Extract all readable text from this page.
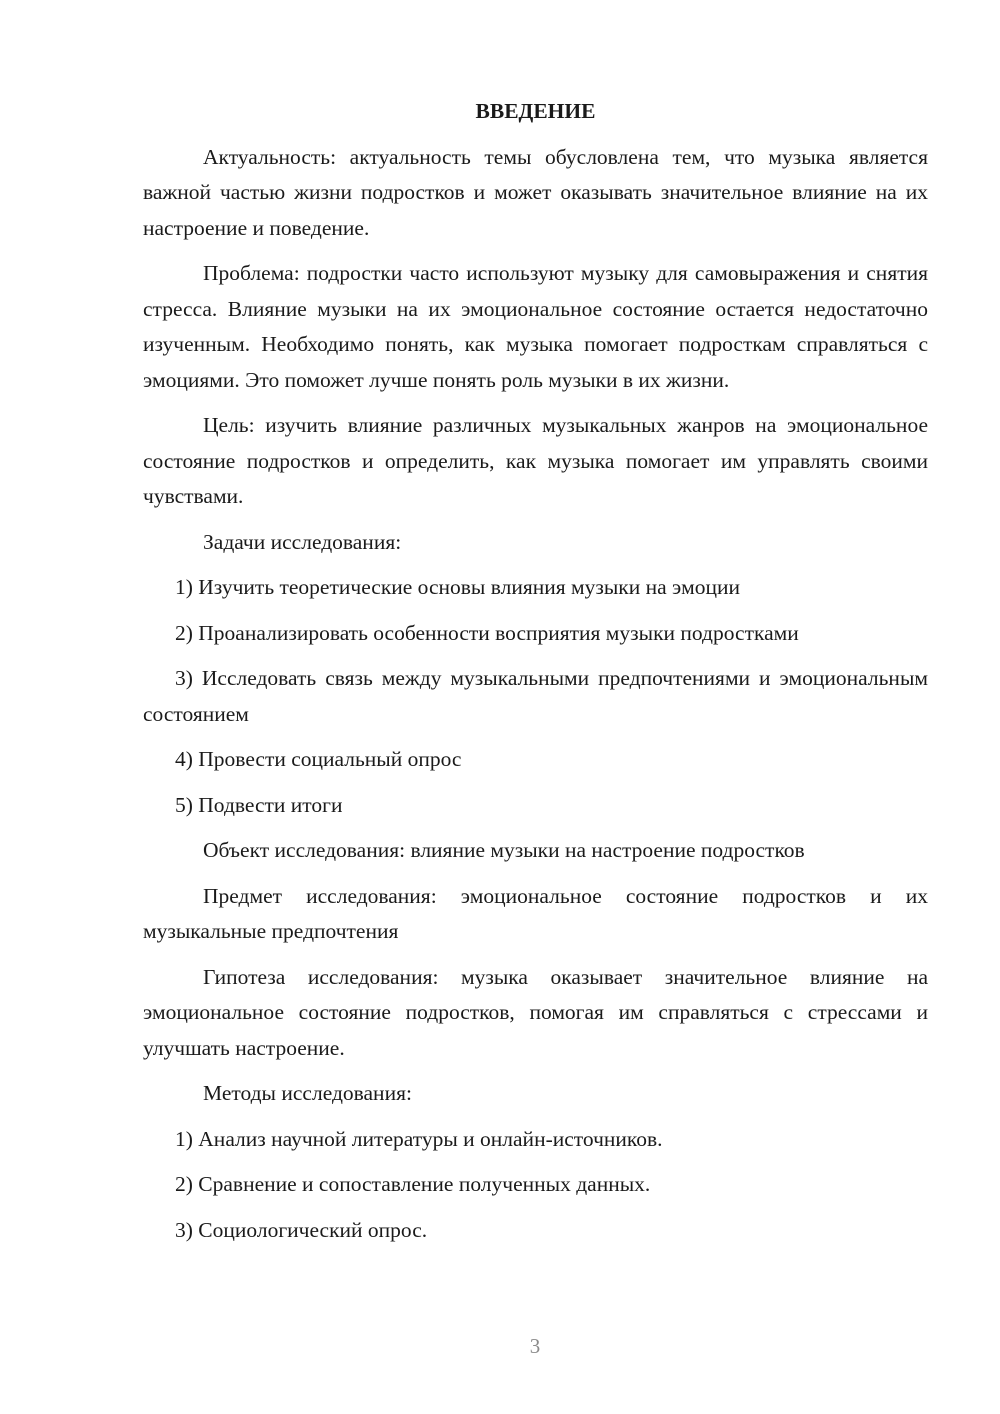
ВВЕДЕНИЕ
Актуальность: актуальность темы обусловлена тем, что музыка является важной частью жизни подростков и может оказывать значительное влияние на их настроение и поведение.
Проблема: подростки часто используют музыку для самовыражения и снятия стресса. Влияние музыки на их эмоциональное состояние остается недостаточно изученным. Необходимо понять, как музыка помогает подросткам справляться с эмоциями. Это поможет лучше понять роль музыки в их жизни.
Цель: изучить влияние различных музыкальных жанров на эмоциональное состояние подростков и определить, как музыка помогает им управлять своими чувствами.
Задачи исследования:
1) Изучить теоретические основы влияния музыки на эмоции
2) Проанализировать особенности восприятия музыки подростками
3) Исследовать связь между музыкальными предпочтениями и эмоциональным состоянием
4) Провести социальный опрос
5) Подвести итоги
Объект исследования: влияние музыки на настроение подростков
Предмет исследования: эмоциональное состояние подростков и их музыкальные предпочтения
Гипотеза исследования: музыка оказывает значительное влияние на эмоциональное состояние подростков, помогая им справляться с стрессами и улучшать настроение.
Методы исследования:
1) Анализ научной литературы и онлайн-источников.
2) Сравнение и сопоставление полученных данных.
3) Социологический опрос.
3
